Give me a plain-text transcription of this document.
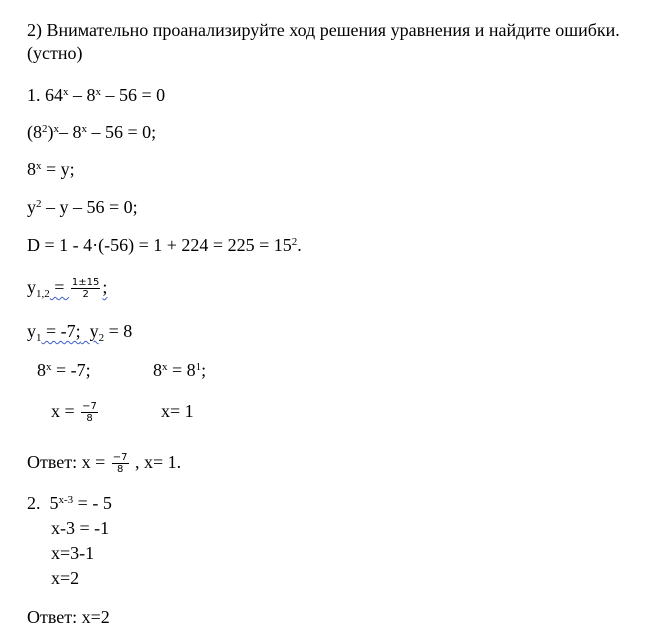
2) Внимательно проанализируйте ход решения уравнения и найдите ошибки.
(устно)
1. 64$^x$ – 8$^x$ – 56 = 0
$(8^2)^x-$ 8$^x$ – 56 = 0;
$8^x = y$;
$y^2 - y - 56 = 0$;
$D = 1 - 4\cdot(-56) = 1 + 224 = 225 = 15^2$.
$y_{1,2} = \frac{1\pm 15}{2}$ ;
$y_1 = -7$; $y_2 = 8$
$8^x = -7$;	$8^x = 8^1$;
$x = \frac{-7}{8}$	x= 1
Ответ: $x = \frac{-7}{8}$ , x= 1.
2. $5^{x-3}$ = - 5
x-3 = -1
x=3-1
x=2
Ответ: x=2
